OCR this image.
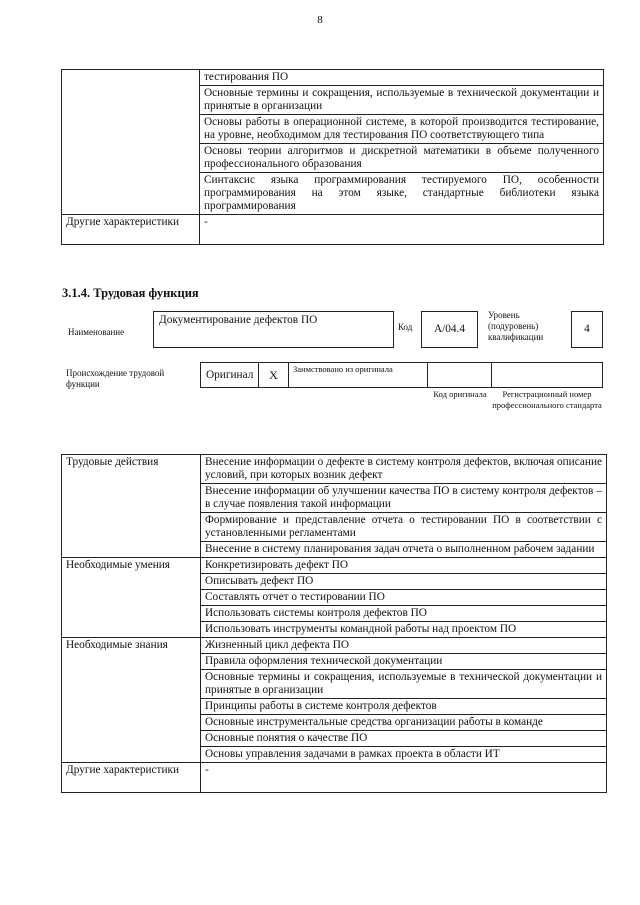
8
	тестирования ПО
	Основные термины и сокращения, используемые в технической документации и принятые в организации
	Основы работы в операционной системе, в которой производится тестирование, на уровне, необходимом для тестирования ПО соответствующего типа
	Основы теории алгоритмов и дискретной математики в объеме полученного профессионального образования
	Синтаксис языка программирования тестируемого ПО, особенности программирования на этом языке, стандартные библиотеки языка программирования
Другие характеристики	-
3.1.4. Трудовая функция
Наименование
Документирование дефектов ПО
Код	A/04.4
Уровень (подуровень) квалификации
4
Происхождение трудовой функции
Оригинал	X	Заимствовано из оригинала		
Код оригинала	Регистрационный номер профессионального стандарта
Трудовые действия	Внесение информации о дефекте в систему контроля дефектов, включая описание условий, при которых возник дефект
	Внесение информации об улучшении качества ПО в систему контроля дефектов – в случае появления такой информации
	Формирование и представление отчета о тестировании ПО в соответствии с установленными регламентами
	Внесение в систему планирования задач отчета о выполненном рабочем задании
Необходимые умения	Конкретизировать дефект ПО
	Описывать дефект ПО
	Составлять отчет о тестировании ПО
	Использовать системы контроля дефектов ПО
	Использовать инструменты командной работы над проектом ПО
Необходимые знания	Жизненный цикл дефекта ПО
	Правила оформления технической документации
	Основные термины и сокращения, используемые в технической документации и принятые в организации
	Принципы работы в системе контроля дефектов
	Основные инструментальные средства организации работы в команде
	Основные понятия о качестве ПО
	Основы управления задачами в рамках проекта в области ИТ
Другие характеристики	-
